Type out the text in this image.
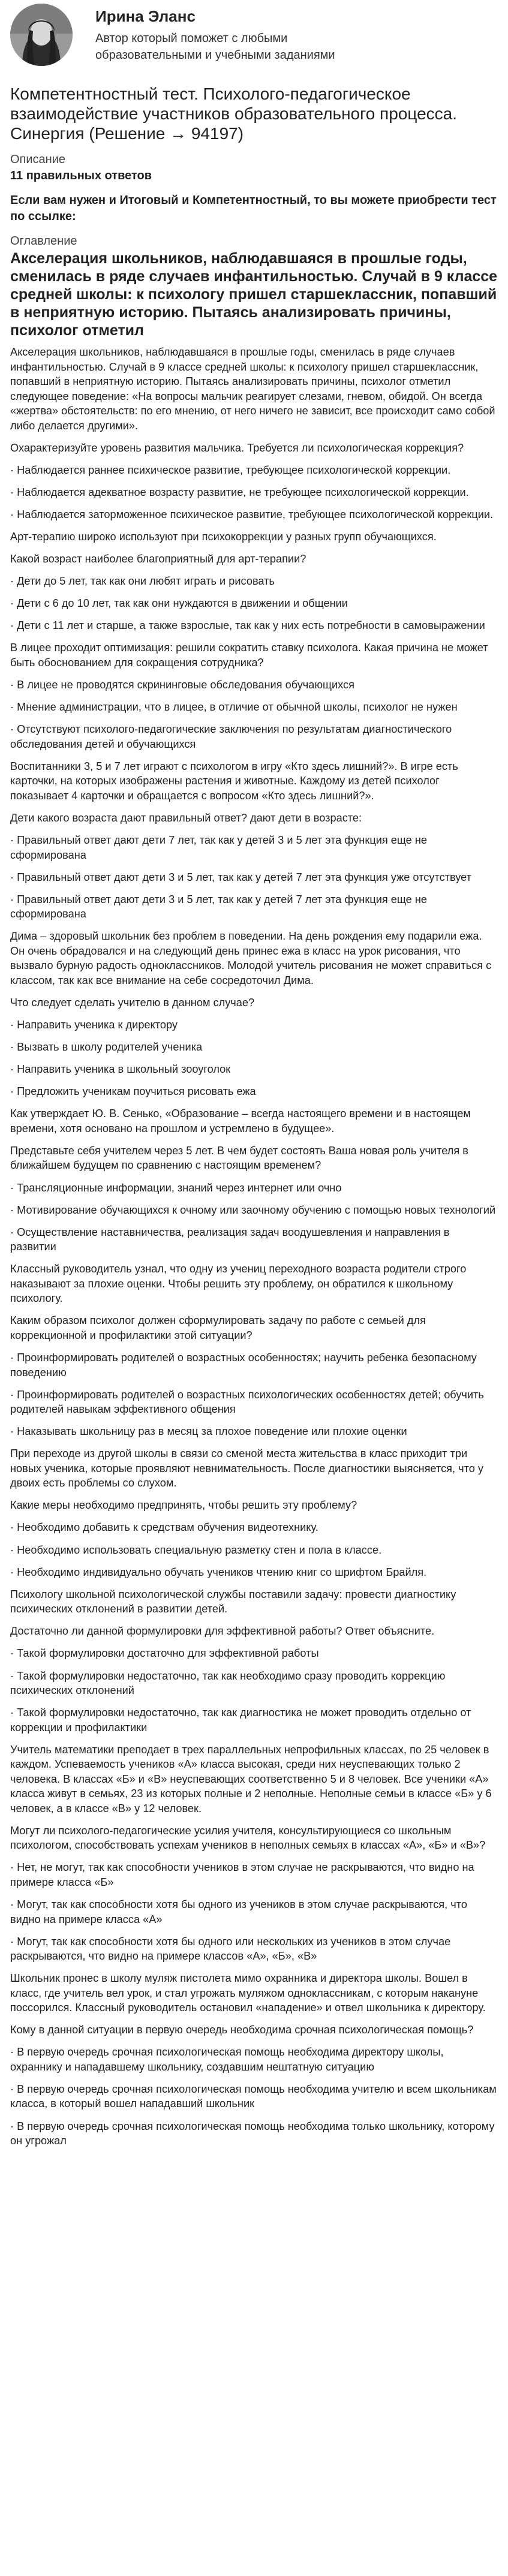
Ирина Эланс
Автор который поможет с любыми образовательными и учебными заданиями
Компетентностный тест. Психолого-педагогическое взаимодействие участников образовательного процесса. Синергия (Решение → 94197)

Описание

11 правильных ответов

Если вам нужен и Итоговый и Компетентностный, то вы можете приобрести тест по ссылке:

Оглавление

Акселерация школьников, наблюдавшаяся в прошлые годы, сменилась в ряде случаев инфантильностью. Случай в 9 классе средней школы: к психологу пришел старшеклассник, попавший в неприятную историю. Пытаясь анализировать причины, психолог отметил

Акселерация школьников, наблюдавшаяся в прошлые годы, сменилась в ряде случаев инфантильностью. Случай в 9 классе средней школы: к психологу пришел старшеклассник, попавший в неприятную историю. Пытаясь анализировать причины, психолог отметил следующее поведение: «На вопросы мальчик реагирует слезами, гневом, обидой. Он всегда «жертва» обстоятельств: по его мнению, от него ничего не зависит, все происходит само собой либо делается другими».

Охарактеризуйте уровень развития мальчика. Требуется ли психологическая коррекция?

· Наблюдается раннее психическое развитие, требующее психологической коррекции.

· Наблюдается адекватное возрасту развитие, не требующее психологической коррекции.

· Наблюдается заторможенное психическое развитие, требующее психологической коррекции.

Арт-терапию широко используют при психокоррекции у разных групп обучающихся.

Какой возраст наиболее благоприятный для арт-терапии?

· Дети до 5 лет, так как они любят играть и рисовать

· Дети с 6 до 10 лет, так как они нуждаются в движении и общении

· Дети с 11 лет и старше, а также взрослые, так как у них есть потребности в самовыражении

В лицее проходит оптимизация: решили сократить ставку психолога. Какая причина не может быть обоснованием для сокращения сотрудника?

· В лицее не проводятся скрининговые обследования обучающихся

· Мнение администрации, что в лицее, в отличие от обычной школы, психолог не нужен

· Отсутствуют психолого-педагогические заключения по результатам диагностического обследования детей и обучающихся

Воспитанники 3, 5 и 7 лет играют с психологом в игру «Кто здесь лишний?». В игре есть карточки, на которых изображены растения и животные. Каждому из детей психолог показывает 4 карточки и обращается с вопросом «Кто здесь лишний?».

Дети какого возраста дают правильный ответ? дают дети в возрасте:

· Правильный ответ дают дети 7 лет, так как у детей 3 и 5 лет эта функция еще не сформирована

· Правильный ответ дают дети 3 и 5 лет, так как у детей 7 лет эта функция уже отсутствует

· Правильный ответ дают дети 3 и 5 лет, так как у детей 7 лет эта функция еще не сформирована

Дима – здоровый школьник без проблем в поведении. На день рождения ему подарили ежа. Он очень обрадовался и на следующий день принес ежа в класс на урок рисования, что вызвало бурную радость одноклассников. Молодой учитель рисования не может справиться с классом, так как все внимание на себе сосредоточил Дима.

Что следует сделать учителю в данном случае?

· Направить ученика к директору

· Вызвать в школу родителей ученика

· Направить ученика в школьный зооуголок

· Предложить ученикам поучиться рисовать ежа

Как утверждает Ю. В. Сенько, «Образование – всегда настоящего времени и в настоящем времени, хотя основано на прошлом и устремлено в будущее».

Представьте себя учителем через 5 лет. В чем будет состоять Ваша новая роль учителя в ближайшем будущем по сравнению с настоящим временем?

· Трансляционные информации, знаний через интернет или очно

· Мотивирование обучающихся к очному или заочному обучению с помощью новых технологий

· Осуществление наставничества, реализация задач воодушевления и направления в развитии

Классный руководитель узнал, что одну из учениц переходного возраста родители строго наказывают за плохие оценки. Чтобы решить эту проблему, он обратился к школьному психологу.

Каким образом психолог должен сформулировать задачу по работе с семьей для коррекционной и профилактики этой ситуации?

· Проинформировать родителей о возрастных особенностях; научить ребенка безопасному поведению

· Проинформировать родителей о возрастных психологических особенностях детей; обучить родителей навыкам эффективного общения

· Наказывать школьницу раз в месяц за плохое поведение или плохие оценки

При переходе из другой школы в связи со сменой места жительства в класс приходит три новых ученика, которые проявляют невнимательность. После диагностики выясняется, что у двоих есть проблемы со слухом.

Какие меры необходимо предпринять, чтобы решить эту проблему?

· Необходимо добавить к средствам обучения видеотехнику.

· Необходимо использовать специальную разметку стен и пола в классе.

· Необходимо индивидуально обучать учеников чтению книг со шрифтом Брайля.

Психологу школьной психологической службы поставили задачу: провести диагностику психических отклонений в развитии детей.

Достаточно ли данной формулировки для эффективной работы? Ответ объясните.

· Такой формулировки достаточно для эффективной работы

· Такой формулировки недостаточно, так как необходимо сразу проводить коррекцию психических отклонений

· Такой формулировки недостаточно, так как диагностика не может проводить отдельно от коррекции и профилактики

Учитель математики преподает в трех параллельных непрофильных классах, по 25 человек в каждом. Успеваемость учеников «А» класса высокая, среди них неуспевающих только 2 человека. В классах «Б» и «В» неуспевающих соответственно 5 и 8 человек. Все ученики «А» класса живут в семьях, 23 из которых полные и 2 неполные. Неполные семьи в классе «Б» у 6 человек, а в классе «В» у 12 человек.

Могут ли психолого-педагогические усилия учителя, консультирующиеся со школьным психологом, способствовать успехам учеников в неполных семьях в классах «А», «Б» и «В»?

· Нет, не могут, так как способности учеников в этом случае не раскрываются, что видно на примере класса «Б»

· Могут, так как способности хотя бы одного из учеников в этом случае раскрываются, что видно на примере класса «А»

· Могут, так как способности хотя бы одного или нескольких из учеников в этом случае раскрываются, что видно на примере классов «А», «Б», «В»

Школьник пронес в школу муляж пистолета мимо охранника и директора школы. Вошел в класс, где учитель вел урок, и стал угрожать муляжом одноклассникам, с которым накануне поссорился. Классный руководитель остановил «нападение» и отвел школьника к директору.

Кому в данной ситуации в первую очередь необходима срочная психологическая помощь?

· В первую очередь срочная психологическая помощь необходима директору школы, охраннику и нападавшему школьнику, создавшим нештатную ситуацию

· В первую очередь срочная психологическая помощь необходима учителю и всем школьникам класса, в который вошел нападавший школьник

· В первую очередь срочная психологическая помощь необходима только школьнику, которому он угрожал
